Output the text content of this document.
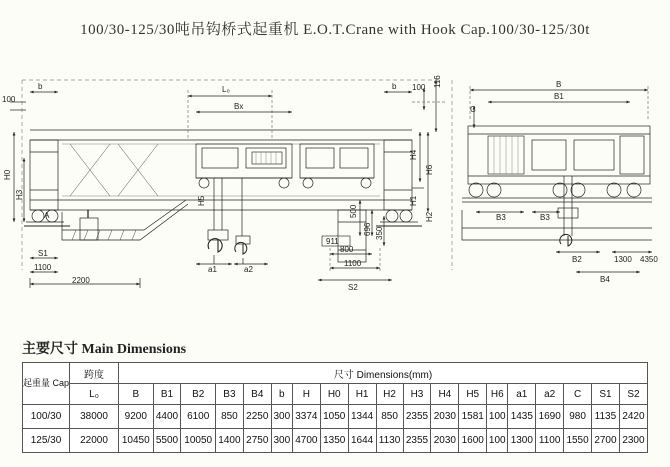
100/30-125/30吨吊钩桥式起重机 E.O.T.Crane with Hook Cap.100/30-125/30t
b	b
L₀
Bx
100 116
100
H4
H6
H1
H2
H0
H3
H5
A	∥
S1
1100
2200
a1	a2
800
1100
S2
911
500
696 350
B
B1
C
B3	B3
B2
B4
1300 4350
主要尺寸 Main Dimensions
起重量 Cap	跨度	尺寸 Dimensions(mm)																		
	L₀	B	B1	B2	B3	B4	b	H	H0	H1	H2	H3	H4	H5	H6	a1	a2	C	S1	S2
100/30	38000	9200	4400	6100	850	2250	300	3374	1050	1344	850	2355	2030	1581	100	1435	1690	980	1135	2420
125/30	22000	10450	5500	10050	1400	2750	300	4700	1350	1644	1130	2355	2030	1600	100	1300	1100	1550	2700	2300
